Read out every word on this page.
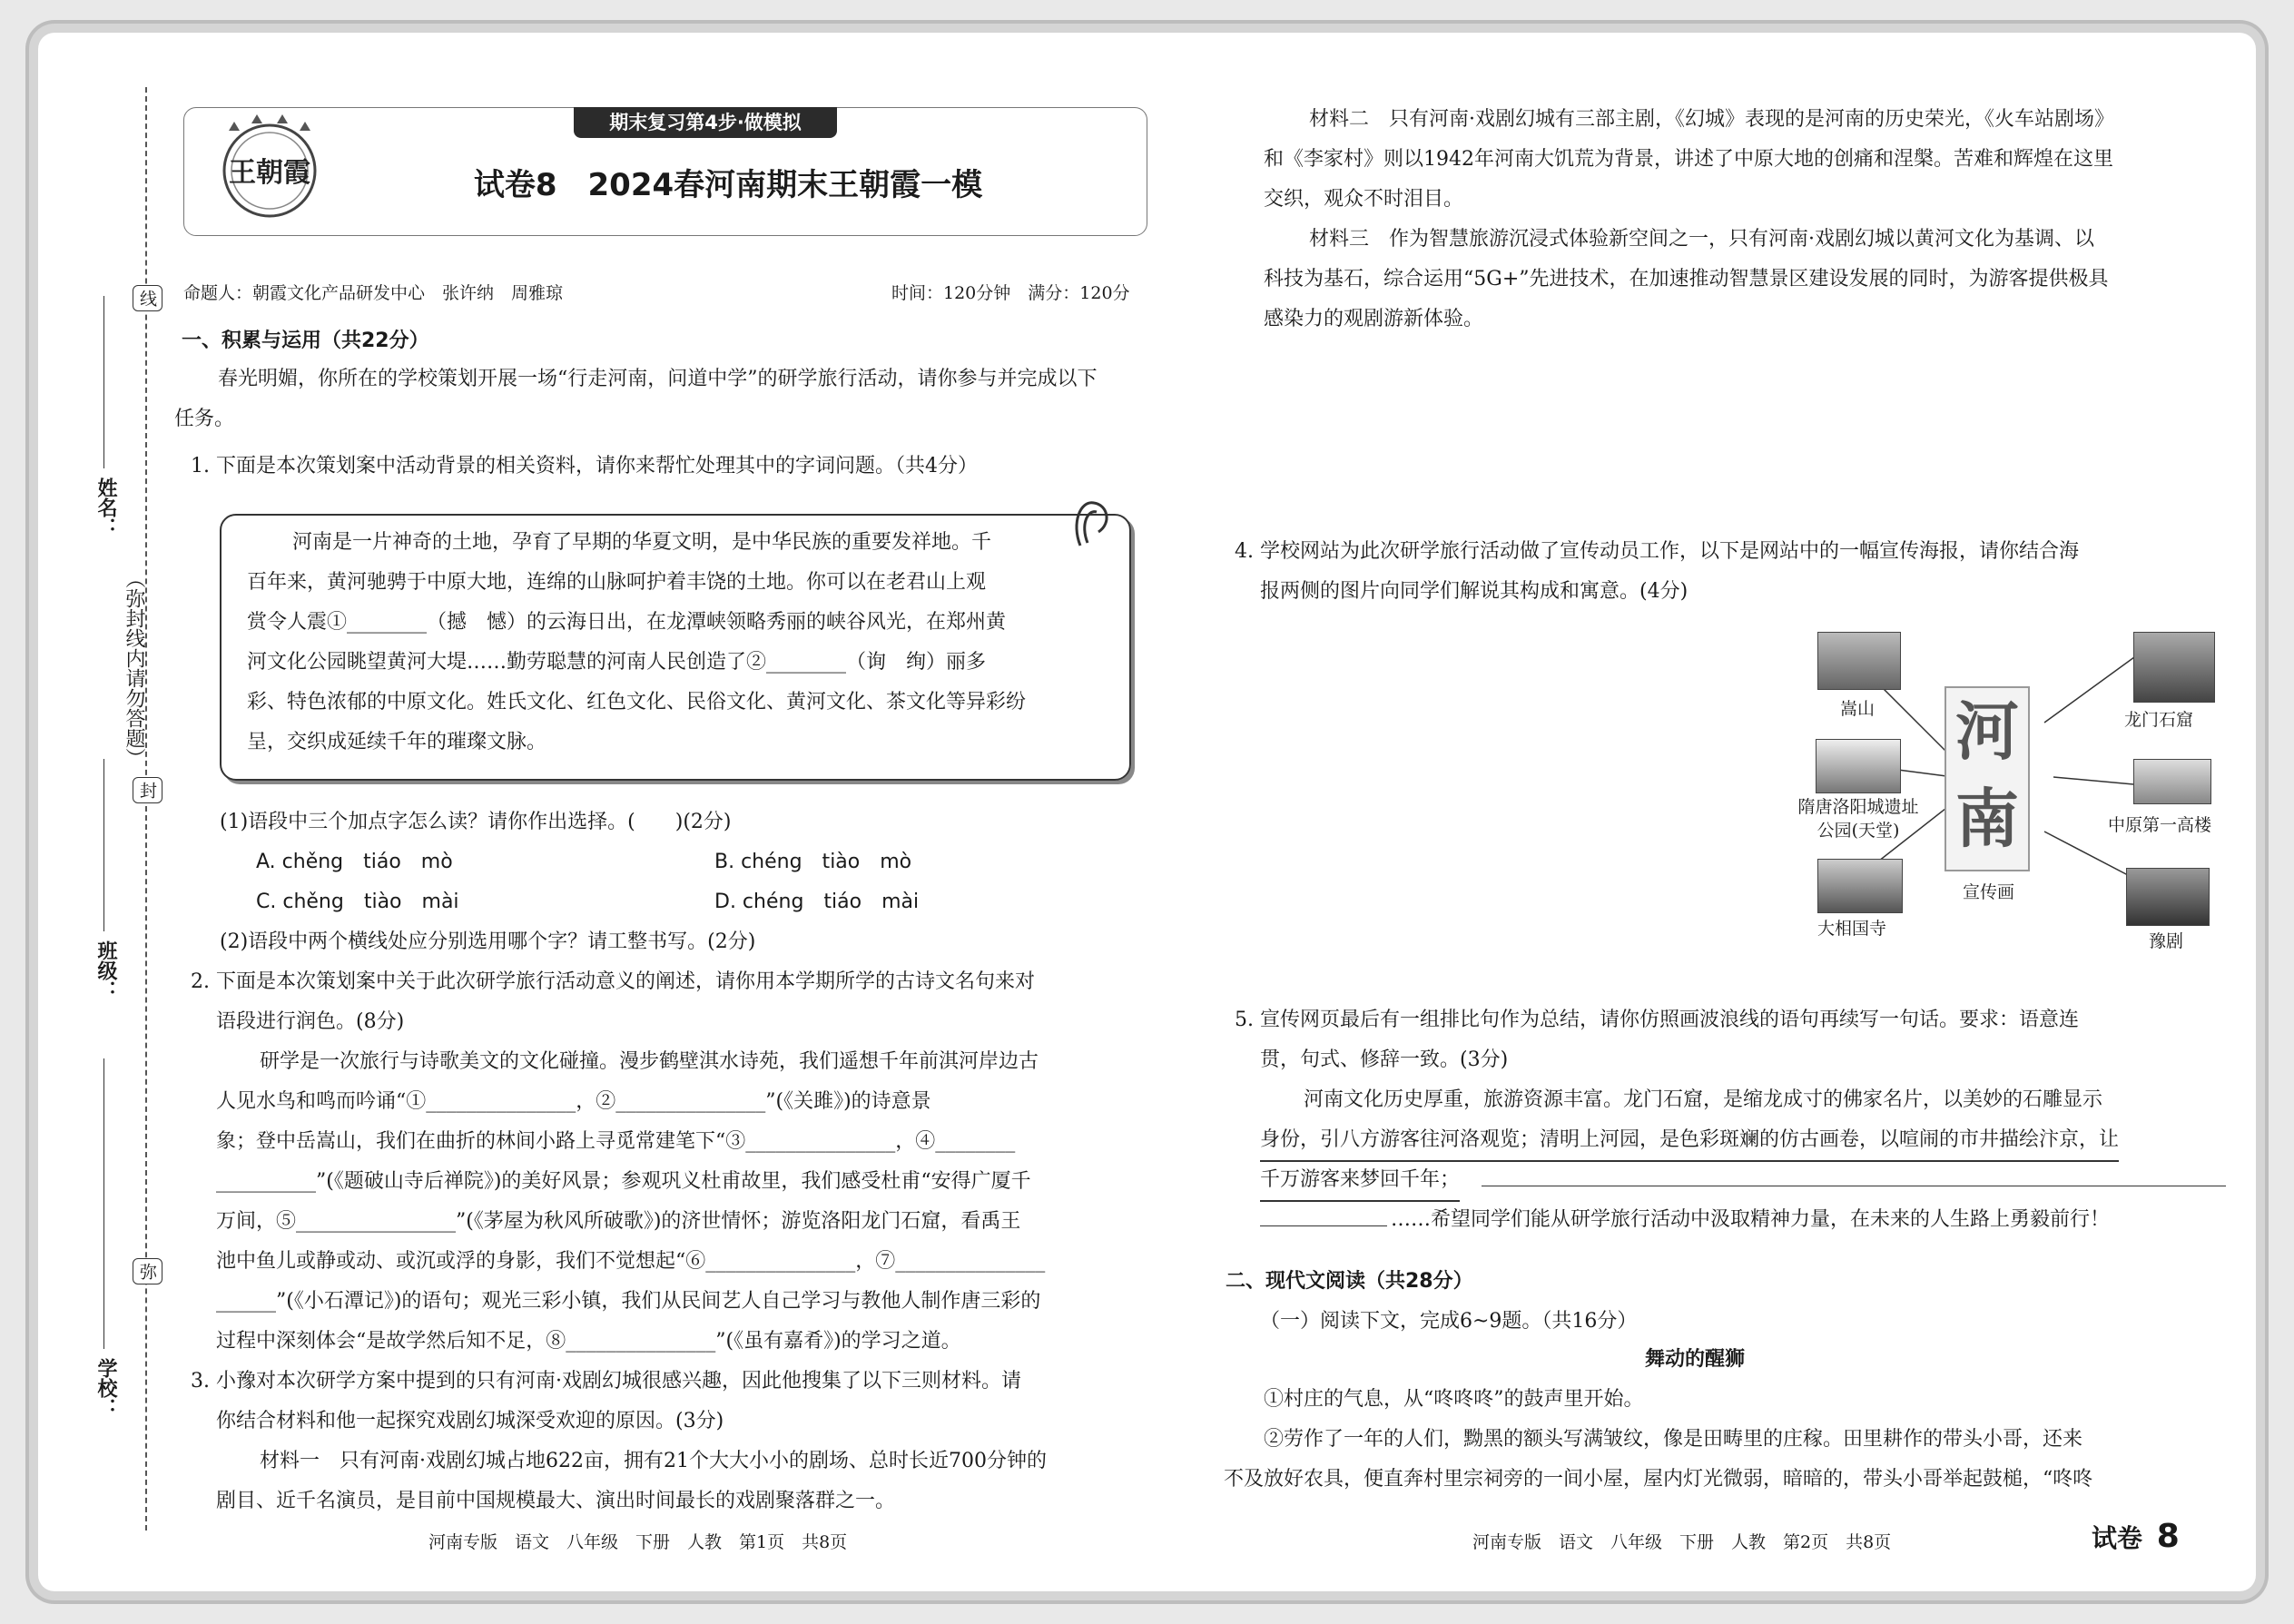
线
姓名：
（弥封线内请勿答题）
封
班级：
弥
学校：
期末复习第4步·做模拟
王朝霞	试卷8　2024春河南期末王朝霞一模
命题人：朝霞文化产品研发中心　张许纳　周雅琼	时间：120分钟　满分：120分
一、积累与运用（共22分）
春光明媚，你所在的学校策划开展一场“行走河南，问道中学”的研学旅行活动，请你参与并完成以下任务。
1. 下面是本次策划案中活动背景的相关资料，请你来帮忙处理其中的字词问题。（共4分）
河南是一片神奇的土地，孕育了早期的华夏文明，是中华民族的重要发祥地。千
百年来，黄河驰骋于中原大地，连绵的山脉呵护着丰饶的土地。你可以在老君山上观
赏令人震①________（撼　憾）的云海日出，在龙潭峡领略秀丽的峡谷风光，在郑州黄
河文化公园眺望黄河大堤……勤劳聪慧的河南人民创造了②________（询　绚）丽多
彩、特色浓郁的中原文化。姓氏文化、红色文化、民俗文化、黄河文化、茶文化等异彩纷
呈，交织成延续千年的璀璨文脉。
(1)语段中三个加点字怎么读？请你作出选择。(　　)(2分)
A. chěng　tiáo　mò	B. chéng　tiào　mò
C. chěng　tiào　mài	D. chéng　tiáo　mài
(2)语段中两个横线处应分别选用哪个字？请工整书写。(2分)
2. 下面是本次策划案中关于此次研学旅行活动意义的阐述，请你用本学期所学的古诗文名句来对
语段进行润色。(8分)
研学是一次旅行与诗歌美文的文化碰撞。漫步鹤壁淇水诗苑，我们遥想千年前淇河岸边古
人见水鸟和鸣而吟诵“①_______________，②_______________”(《关雎》)的诗意景
象；登中岳嵩山，我们在曲折的林间小路上寻觅常建笔下“③_______________，④________
__________”(《题破山寺后禅院》)的美好风景；参观巩义杜甫故里，我们感受杜甫“安得广厦千
万间，⑤________________”(《茅屋为秋风所破歌》)的济世情怀；游览洛阳龙门石窟，看禹王
池中鱼儿或静或动、或沉或浮的身影，我们不觉想起“⑥_______________，⑦_______________
______”(《小石潭记》)的语句；观光三彩小镇，我们从民间艺人自己学习与教他人制作唐三彩的
过程中深刻体会“是故学然后知不足，⑧_______________”(《虽有嘉肴》)的学习之道。
3. 小豫对本次研学方案中提到的只有河南·戏剧幻城很感兴趣，因此他搜集了以下三则材料。请
你结合材料和他一起探究戏剧幻城深受欢迎的原因。(3分)
材料一　只有河南·戏剧幻城占地622亩，拥有21个大大小小的剧场、总时长近700分钟的
剧目、近千名演员，是目前中国规模最大、演出时间最长的戏剧聚落群之一。
河南专版　语文　八年级　下册　人教　第1页　共8页
材料二　只有河南·戏剧幻城有三部主剧，《幻城》表现的是河南的历史荣光，《火车站剧场》
和《李家村》则以1942年河南大饥荒为背景，讲述了中原大地的创痛和涅槃。苦难和辉煌在这里
交织，观众不时泪目。
材料三　作为智慧旅游沉浸式体验新空间之一，只有河南·戏剧幻城以黄河文化为基调、以
科技为基石，综合运用“5G+”先进技术，在加速推动智慧景区建设发展的同时，为游客提供极具
感染力的观剧游新体验。
4. 学校网站为此次研学旅行活动做了宣传动员工作，以下是网站中的一幅宣传海报，请你结合海
报两侧的图片向同学们解说其构成和寓意。(4分)
嵩山
隋唐洛阳城遗址公园(天堂)
大相国寺
龙门石窟
中原第一高楼
豫剧
河
南
宣传画
5. 宣传网页最后有一组排比句作为总结，请你仿照画波浪线的语句再续写一句话。要求：语意连
贯，句式、修辞一致。(3分)
河南文化历史厚重，旅游资源丰富。龙门石窟，是缩龙成寸的佛家名片，以美妙的石雕显示
身份，引八方游客往河洛观览；清明上河园，是色彩斑斓的仿古画卷，以喧闹的市井描绘汴京，让
千万游客来梦回千年；
……希望同学们能从研学旅行活动中汲取精神力量，在未来的人生路上勇毅前行！
二、现代文阅读（共28分）
（一）阅读下文，完成6~9题。（共16分）
舞动的醒狮
①村庄的气息，从“咚咚咚”的鼓声里开始。
②劳作了一年的人们，黝黑的额头写满皱纹，像是田畴里的庄稼。田里耕作的带头小哥，还来
不及放好农具，便直奔村里宗祠旁的一间小屋，屋内灯光微弱，暗暗的，带头小哥举起鼓槌，“咚咚
河南专版　语文　八年级　下册　人教　第2页　共8页	试卷 8
